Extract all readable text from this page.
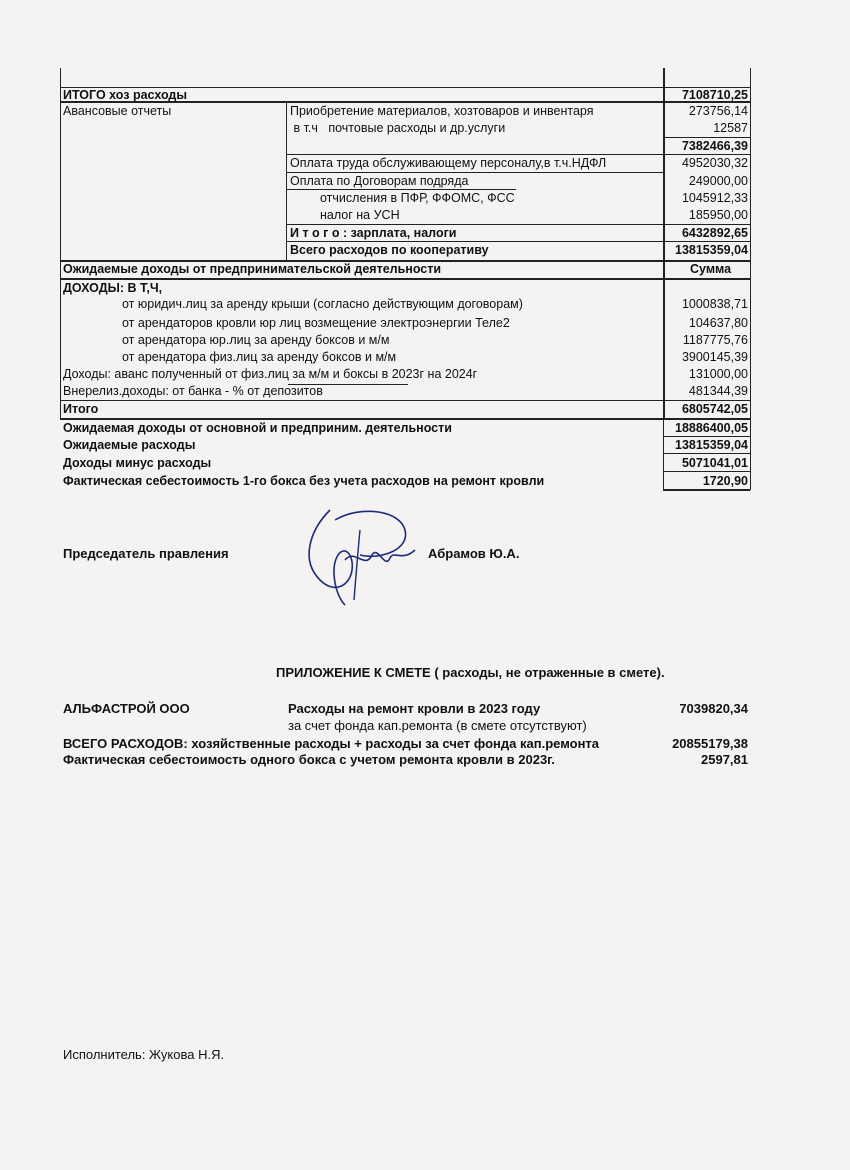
ИТОГО хоз расходы	7108710,25
Авансовые отчеты	Приобретение материалов, хозтоваров и инвентаря	273756,14
в т.ч   почтовые расходы и др.услуги	12587
7382466,39
Оплата труда обслуживающему персоналу,в т.ч.НДФЛ	4952030,32
Оплата по Договорам подряда	249000,00
отчисления в ПФР, ФФОМС, ФСС	1045912,33
налог на УСН	185950,00
И т о г о : зарплата, налоги	6432892,65
Всего расходов по кооперативу	13815359,04
Ожидаемые доходы от предпринимательской деятельности	Сумма
ДОХОДЫ: В Т,Ч,
от юридич.лиц за аренду крыши (согласно действующим договорам)	1000838,71
от арендаторов кровли юр лиц возмещение электроэнергии Теле2	104637,80
от арендатора юр.лиц за аренду боксов и м/м	1187775,76
от арендатора физ.лиц за аренду боксов и м/м	3900145,39
Доходы: аванс полученный от физ.лиц за м/м и боксы в 2023г на 2024г	131000,00
Внерелиз.доходы: от банка - % от депозитов	481344,39
Итого	6805742,05
Ожидаемая доходы от основной и предприним. деятельности	18886400,05
Ожидаемые расходы	13815359,04
Доходы минус расходы	5071041,01
Фактическая себестоимость 1-го бокса без учета расходов на ремонт кровли	1720,90
Председатель правления	Абрамов Ю.А.
ПРИЛОЖЕНИЕ К СМЕТЕ ( расходы, не отраженные в смете).
АЛЬФАСТРОЙ ООО	Расходы на ремонт кровли в 2023 году	7039820,34
за счет фонда кап.ремонта (в смете отсутствуют)
ВСЕГО РАСХОДОВ: хозяйственные расходы + расходы за счет фонда кап.ремонта	20855179,38
Фактическая себестоимость одного бокса с учетом ремонта кровли в 2023г.	2597,81
Исполнитель: Жукова Н.Я.
